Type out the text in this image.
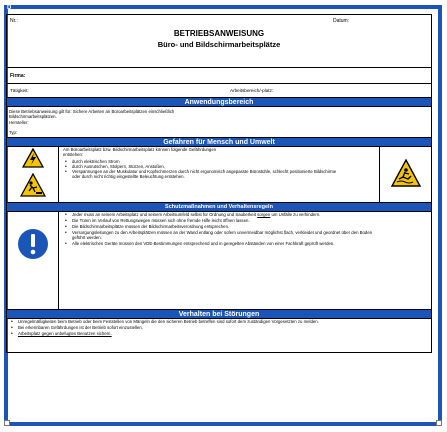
D
Nr.:	Datum:
BETRIEBSANWEISUNG
Büro- und Bildschirmarbeitsplätze
Firma:
Tätigkeit:	Arbeitsbereich/-platz:
Anwendungsbereich
Diese Betriebsanweisung gilt für: Sichere Arbeiten an Büroarbeitsplätzen einschließlich
Bildschirmarbeitsplätzen.
Hersteller:
Typ:
Gefahren für Mensch und Umwelt
Am Büroarbeitsplatz bzw. Bildschirmarbeitsplatz können folgende Gefährdungen
entstehen:
• durch elektrischen Strom
• durch Ausrutschen, Stolpern, Stürzen, Anstoßen,
• Verspannungen an der Muskulatur und Kopfschmerzen durch nicht ergonomisch angepasste Bürostühle, schlecht positionierte Bildschirme oder durch nicht richtig eingestellte Beleuchtung entstehen.
Schutzmaßnahmen und Verhaltensregeln
• Jeder muss an seinem Arbeitsplatz und seinem Arbeitsumfeld selbst für Ordnung und Sauberkeit sorgen um Unfälle zu verhindern.
• Die Türen im Verlauf von Rettungswegen müssen sich ohne fremde Hilfe leicht öffnen lassen.
• Die Bildschirmarbeitsplätze müssen der Bildschirmarbeitsverordnung entsprechen.
• Versorgungsleitungen zu den Arbeitsplätzen müssen an der Wand entlang oder sofern unvermeidbar möglichst flach, verkleidet und geordnet über den Boden geführt werden.
• Alle elektrischen Geräte müssen den VDE-Bestimmungen entsprechend und in geregelten Abständen von einer Fachkraft geprüft werden.
Verhalten bei Störungen
• Unregelmäßigkeiten beim Betrieb oder beim Feststellen von Mängeln die den sicheren Betrieb betreffen sind sofort dem zuständigen Vorgesetzten zu melden.
• Bei erkennbaren Gefährdungen ist der Betrieb sofort einzustellen.
• Arbeitsplatz gegen unbefugtes Benutzen sichern.
